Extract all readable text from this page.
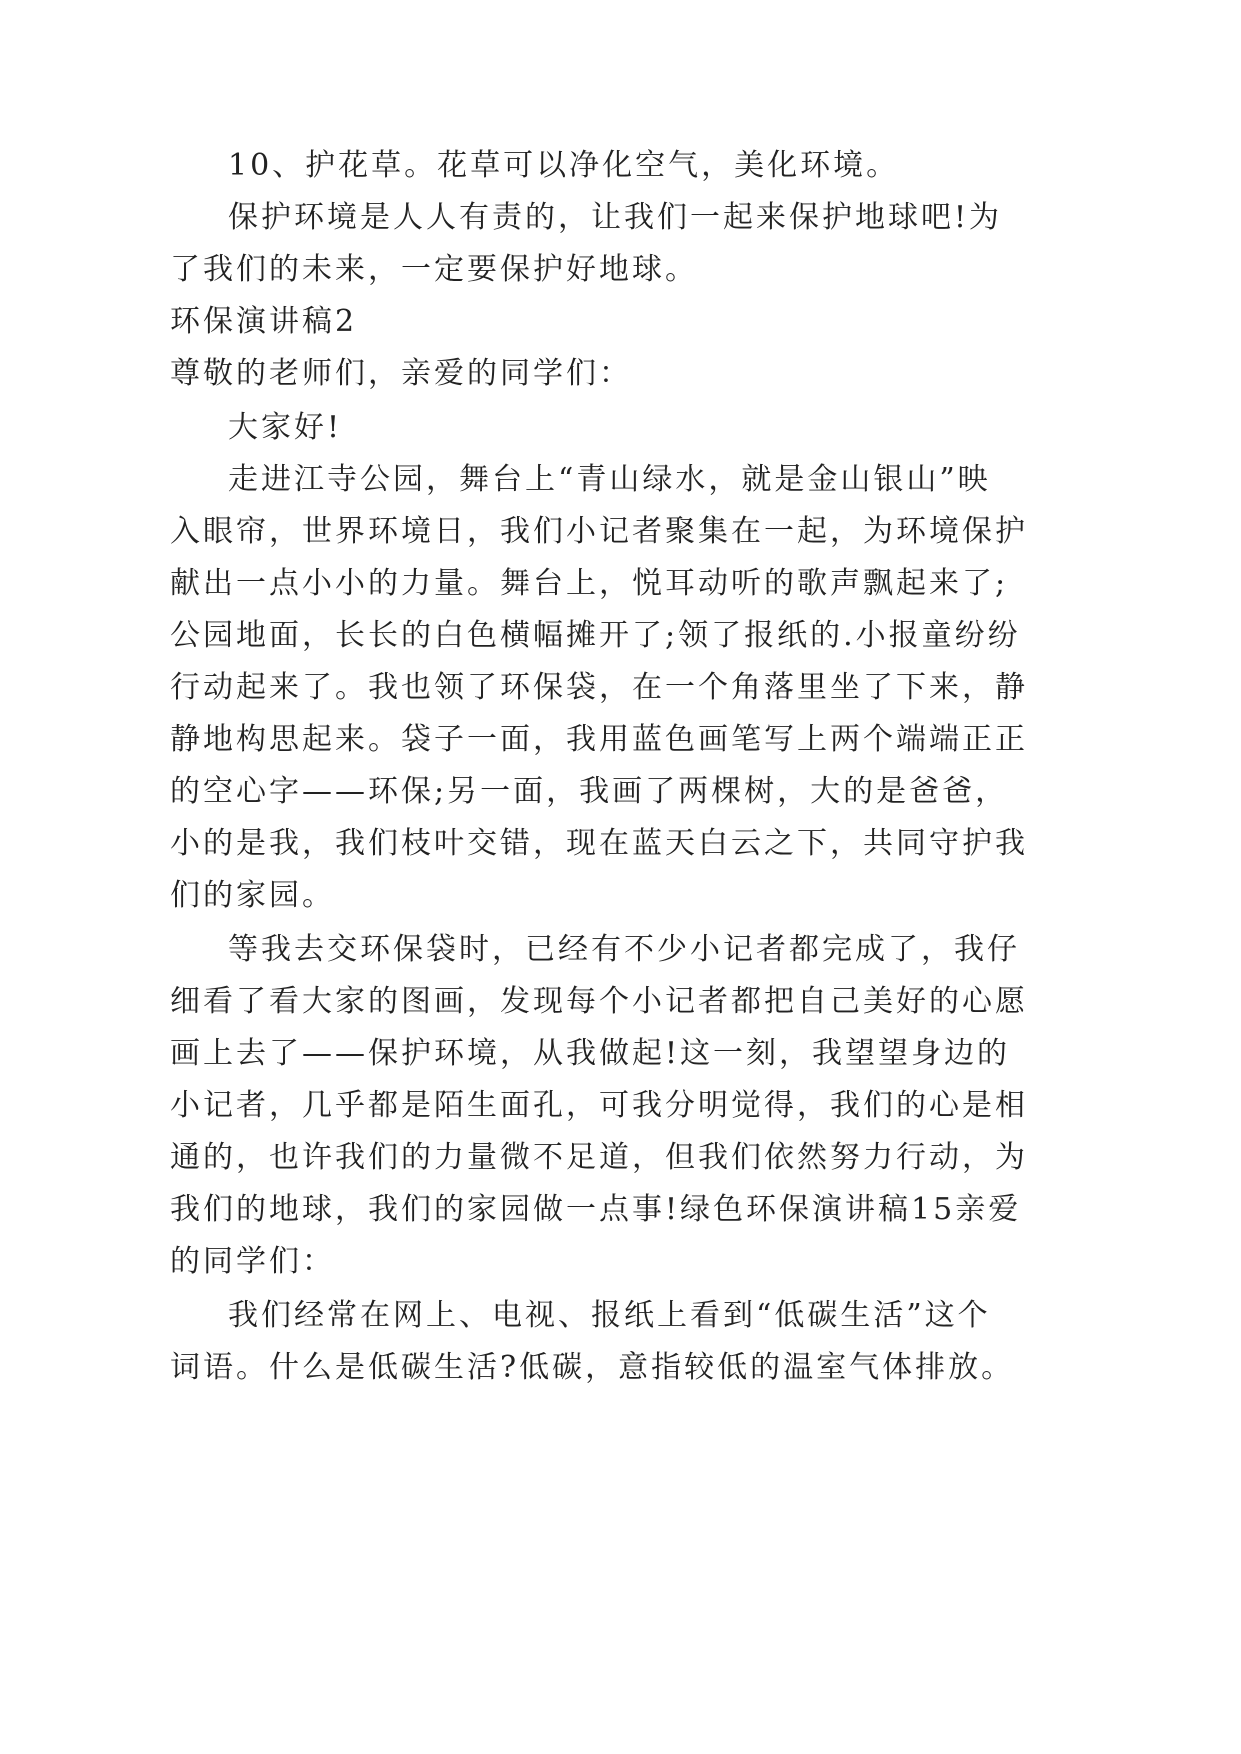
10、护花草。花草可以净化空气，美化环境。
保护环境是人人有责的，让我们一起来保护地球吧!为
了我们的未来，一定要保护好地球。
环保演讲稿2
尊敬的老师们，亲爱的同学们：
大家好!
走进江寺公园，舞台上“青山绿水，就是金山银山”映
入眼帘，世界环境日，我们小记者聚集在一起，为环境保护
献出一点小小的力量。舞台上，悦耳动听的歌声飘起来了;
公园地面，长长的白色横幅摊开了;领了报纸的.小报童纷纷
行动起来了。我也领了环保袋，在一个角落里坐了下来，静
静地构思起来。袋子一面，我用蓝色画笔写上两个端端正正
的空心字——环保;另一面，我画了两棵树，大的是爸爸，
小的是我，我们枝叶交错，现在蓝天白云之下，共同守护我
们的家园。
等我去交环保袋时，已经有不少小记者都完成了，我仔
细看了看大家的图画，发现每个小记者都把自己美好的心愿
画上去了——保护环境，从我做起!这一刻，我望望身边的
小记者，几乎都是陌生面孔，可我分明觉得，我们的心是相
通的，也许我们的力量微不足道，但我们依然努力行动，为
我们的地球，我们的家园做一点事!绿色环保演讲稿15亲爱
的同学们：
我们经常在网上、电视、报纸上看到“低碳生活”这个
词语。什么是低碳生活?低碳，意指较低的温室气体排放。
